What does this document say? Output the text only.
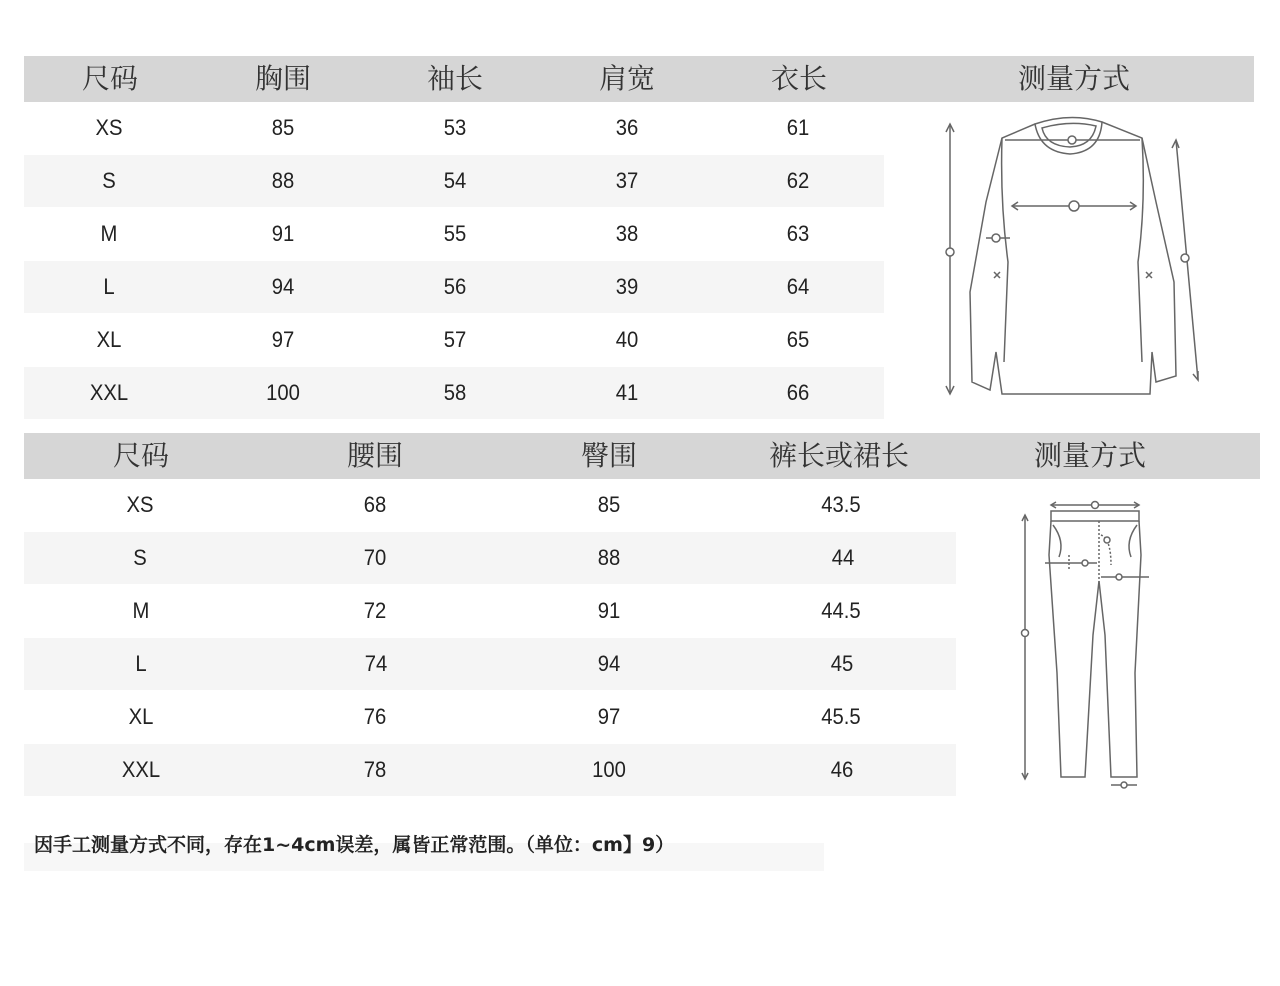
尺码	胸围	袖长	肩宽	衣长	测量方式
XS	85	53	36	61
S	88	54	37	62
M	91	55	38	63
L	94	56	39	64
XL	97	57	40	65
XXL	100	58	41	66
尺码	腰围	臀围	裤长或裙长	测量方式
XS	68	85	43.5
S	70	88	44
M	72	91	44.5
L	74	94	45
XL	76	97	45.5
XXL	78	100	46
因手工测量方式不同，存在1~4cm误差，属皆正常范围。（单位：cm】9）
